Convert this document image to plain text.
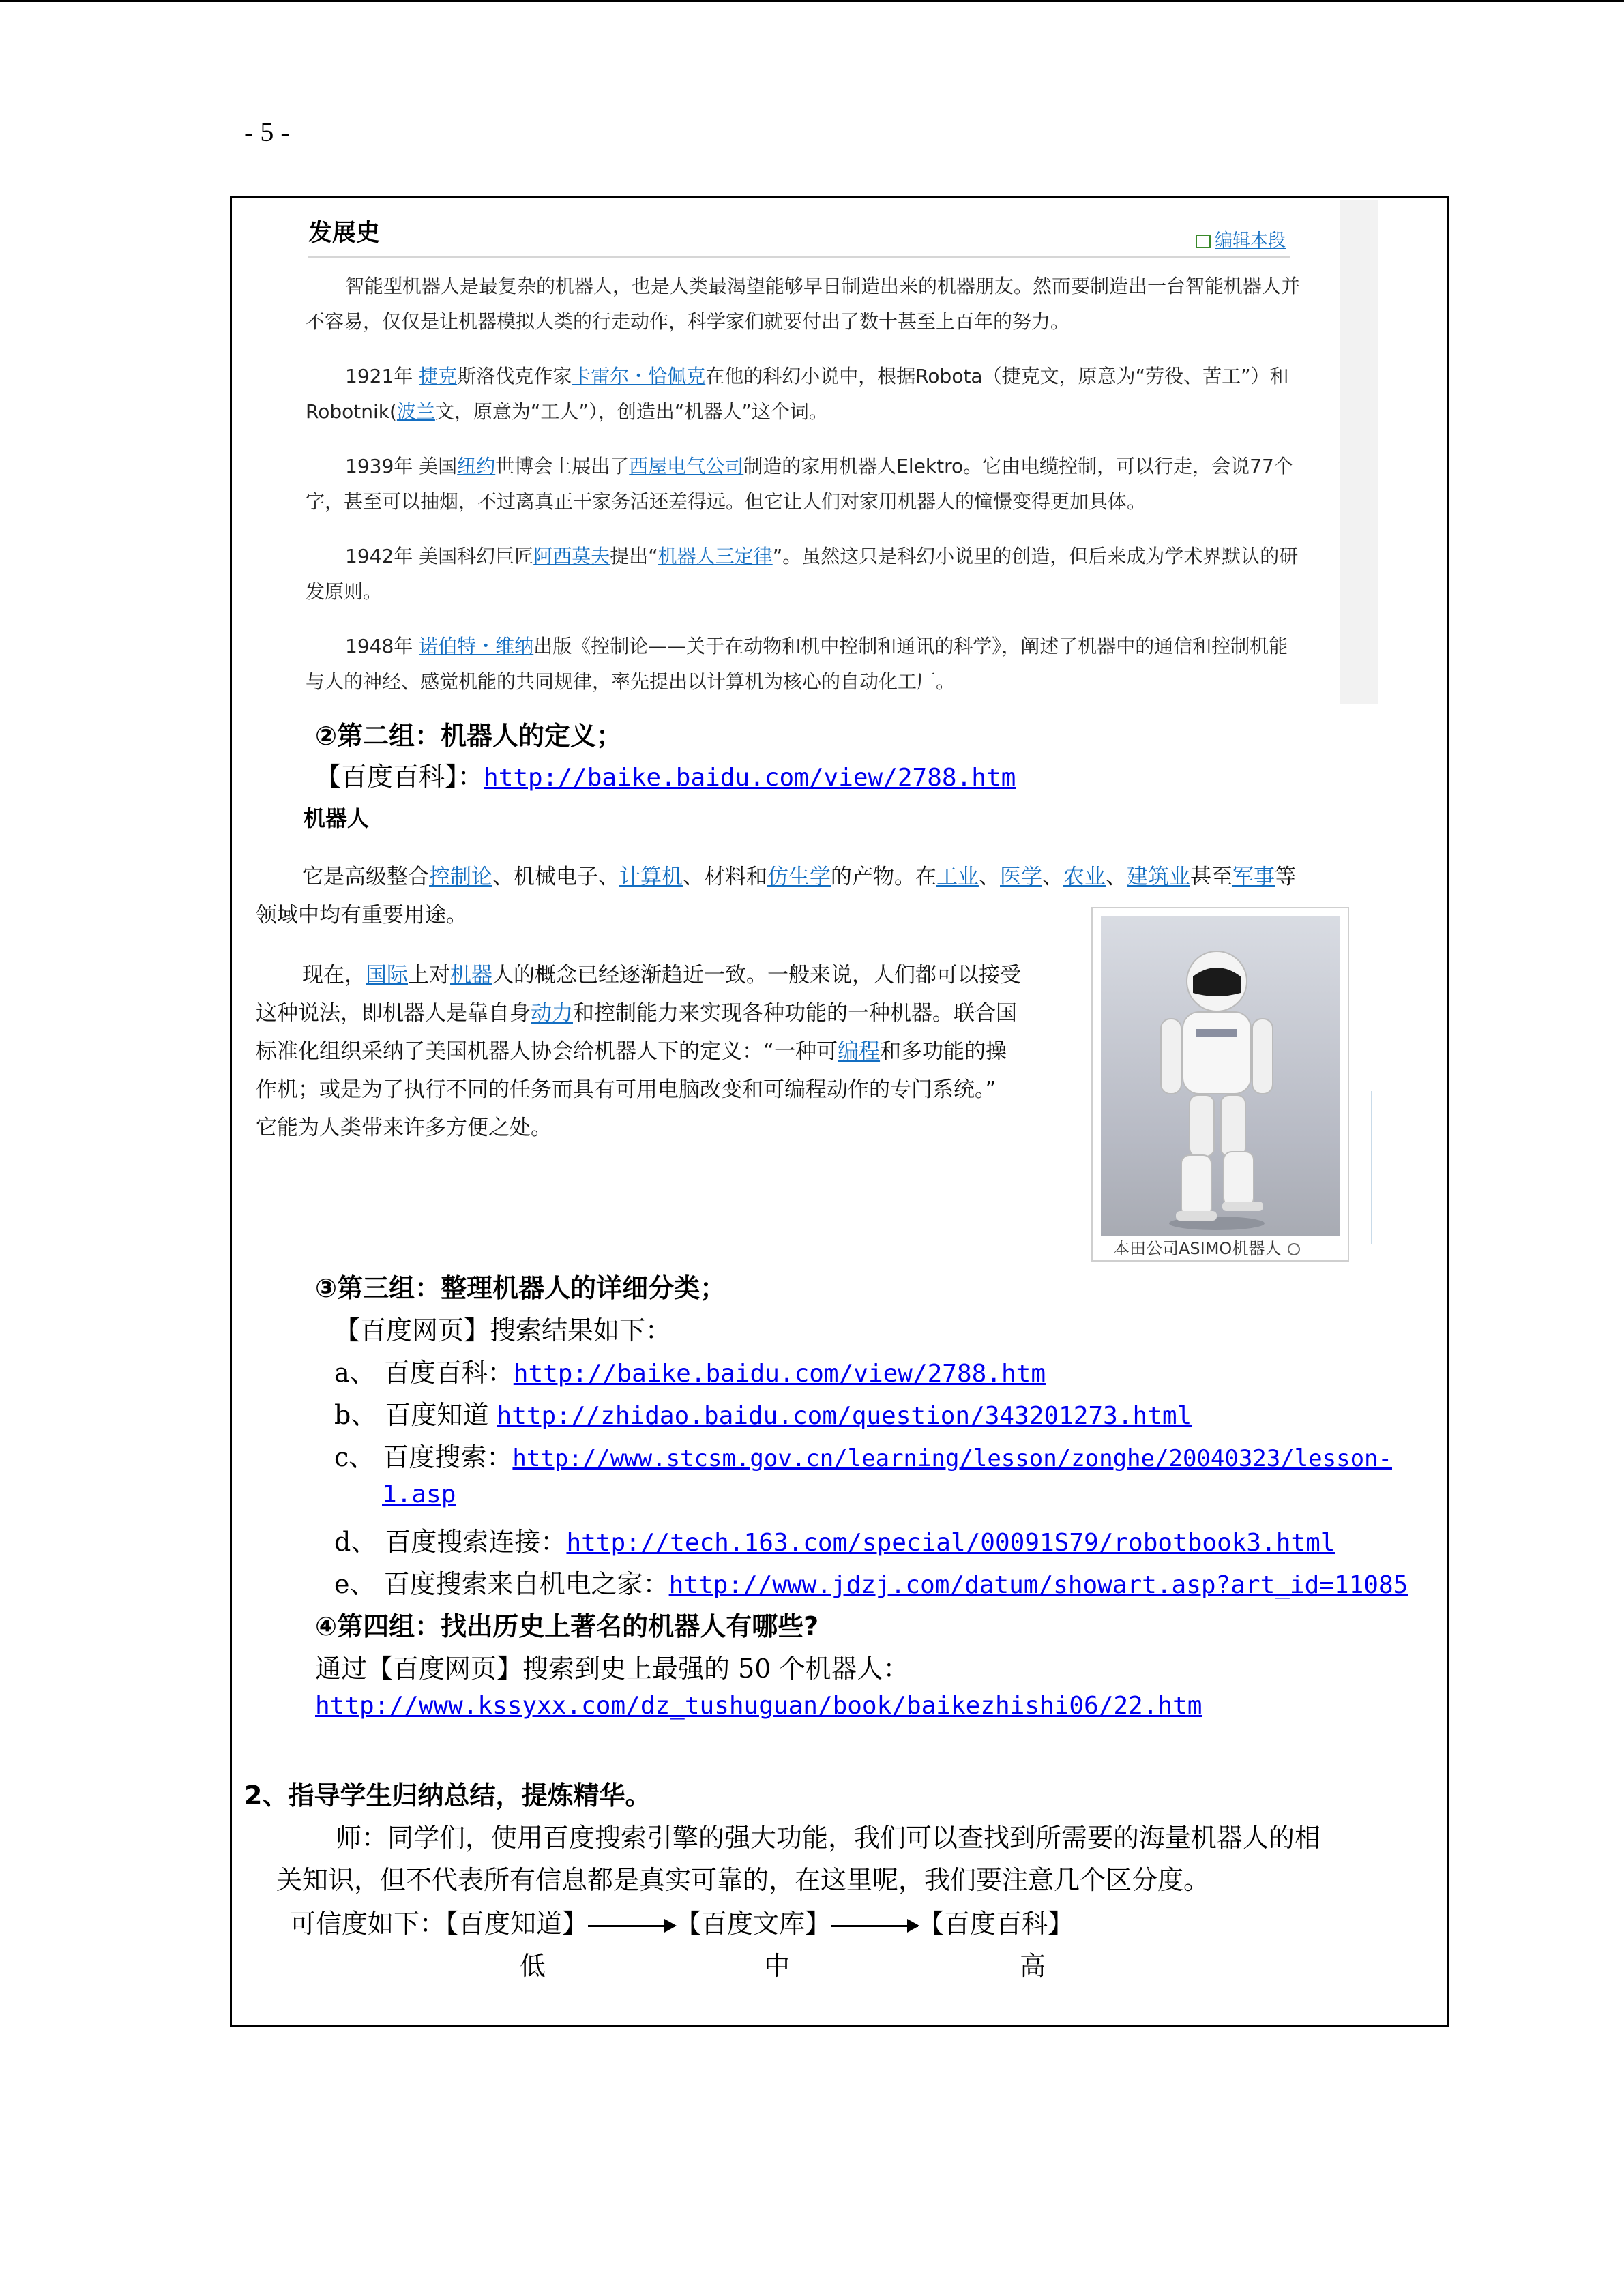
- 5 -
发展史	编辑本段
智能型机器人是最复杂的机器人，也是人类最渴望能够早日制造出来的机器朋友。然而要制造出一台智能机器人并不容易，仅仅是让机器模拟人类的行走动作，科学家们就要付出了数十甚至上百年的努力。
1921年 捷克斯洛伐克作家卡雷尔・恰佩克在他的科幻小说中，根据Robota（捷克文，原意为“劳役、苦工”）和Robotnik(波兰文，原意为“工人”），创造出“机器人”这个词。
1939年 美国纽约世博会上展出了西屋电气公司制造的家用机器人Elektro。它由电缆控制，可以行走，会说77个字，甚至可以抽烟，不过离真正干家务活还差得远。但它让人们对家用机器人的憧憬变得更加具体。
1942年 美国科幻巨匠阿西莫夫提出“机器人三定律”。虽然这只是科幻小说里的创造，但后来成为学术界默认的研发原则。
1948年 诺伯特・维纳出版《控制论——关于在动物和机中控制和通讯的科学》，阐述了机器中的通信和控制机能与人的神经、感觉机能的共同规律，率先提出以计算机为核心的自动化工厂。
②第二组：机器人的定义；
【百度百科】：http://baike.baidu.com/view/2788.htm
机器人
它是高级整合控制论、机械电子、计算机、材料和仿生学的产物。在工业、医学、农业、建筑业甚至军事等
领域中均有重要用途。
现在，国际上对机器人的概念已经逐渐趋近一致。一般来说，人们都可以接受
这种说法，即机器人是靠自身动力和控制能力来实现各种功能的一种机器。联合国
标准化组织采纳了美国机器人协会给机器人下的定义：“一种可编程和多功能的操
作机；或是为了执行不同的任务而具有可用电脑改变和可编程动作的专门系统。”
它能为人类带来许多方便之处。
本田公司ASIMO机器人
③第三组：整理机器人的详细分类；
【百度网页】搜索结果如下：
a、 百度百科：http://baike.baidu.com/view/2788.htm
b、 百度知道 http://zhidao.baidu.com/question/343201273.html
c、 百度搜索：http://www.stcsm.gov.cn/learning/lesson/zonghe/20040323/lesson-
1.asp
d、 百度搜索连接：http://tech.163.com/special/00091S79/robotbook3.html
e、 百度搜索来自机电之家：http://www.jdzj.com/datum/showart.asp?art_id=11085
④第四组：找出历史上著名的机器人有哪些?
通过【百度网页】搜索到史上最强的 50 个机器人：
http://www.kssyxx.com/dz_tushuguan/book/baikezhishi06/22.htm
2、指导学生归纳总结，提炼精华。
师：同学们，使用百度搜索引擎的强大功能，我们可以查找到所需要的海量机器人的相
关知识，但不代表所有信息都是真实可靠的，在这里呢，我们要注意几个区分度。
可信度如下：【百度知道】	【百度文库】	【百度百科】
低	中	高
